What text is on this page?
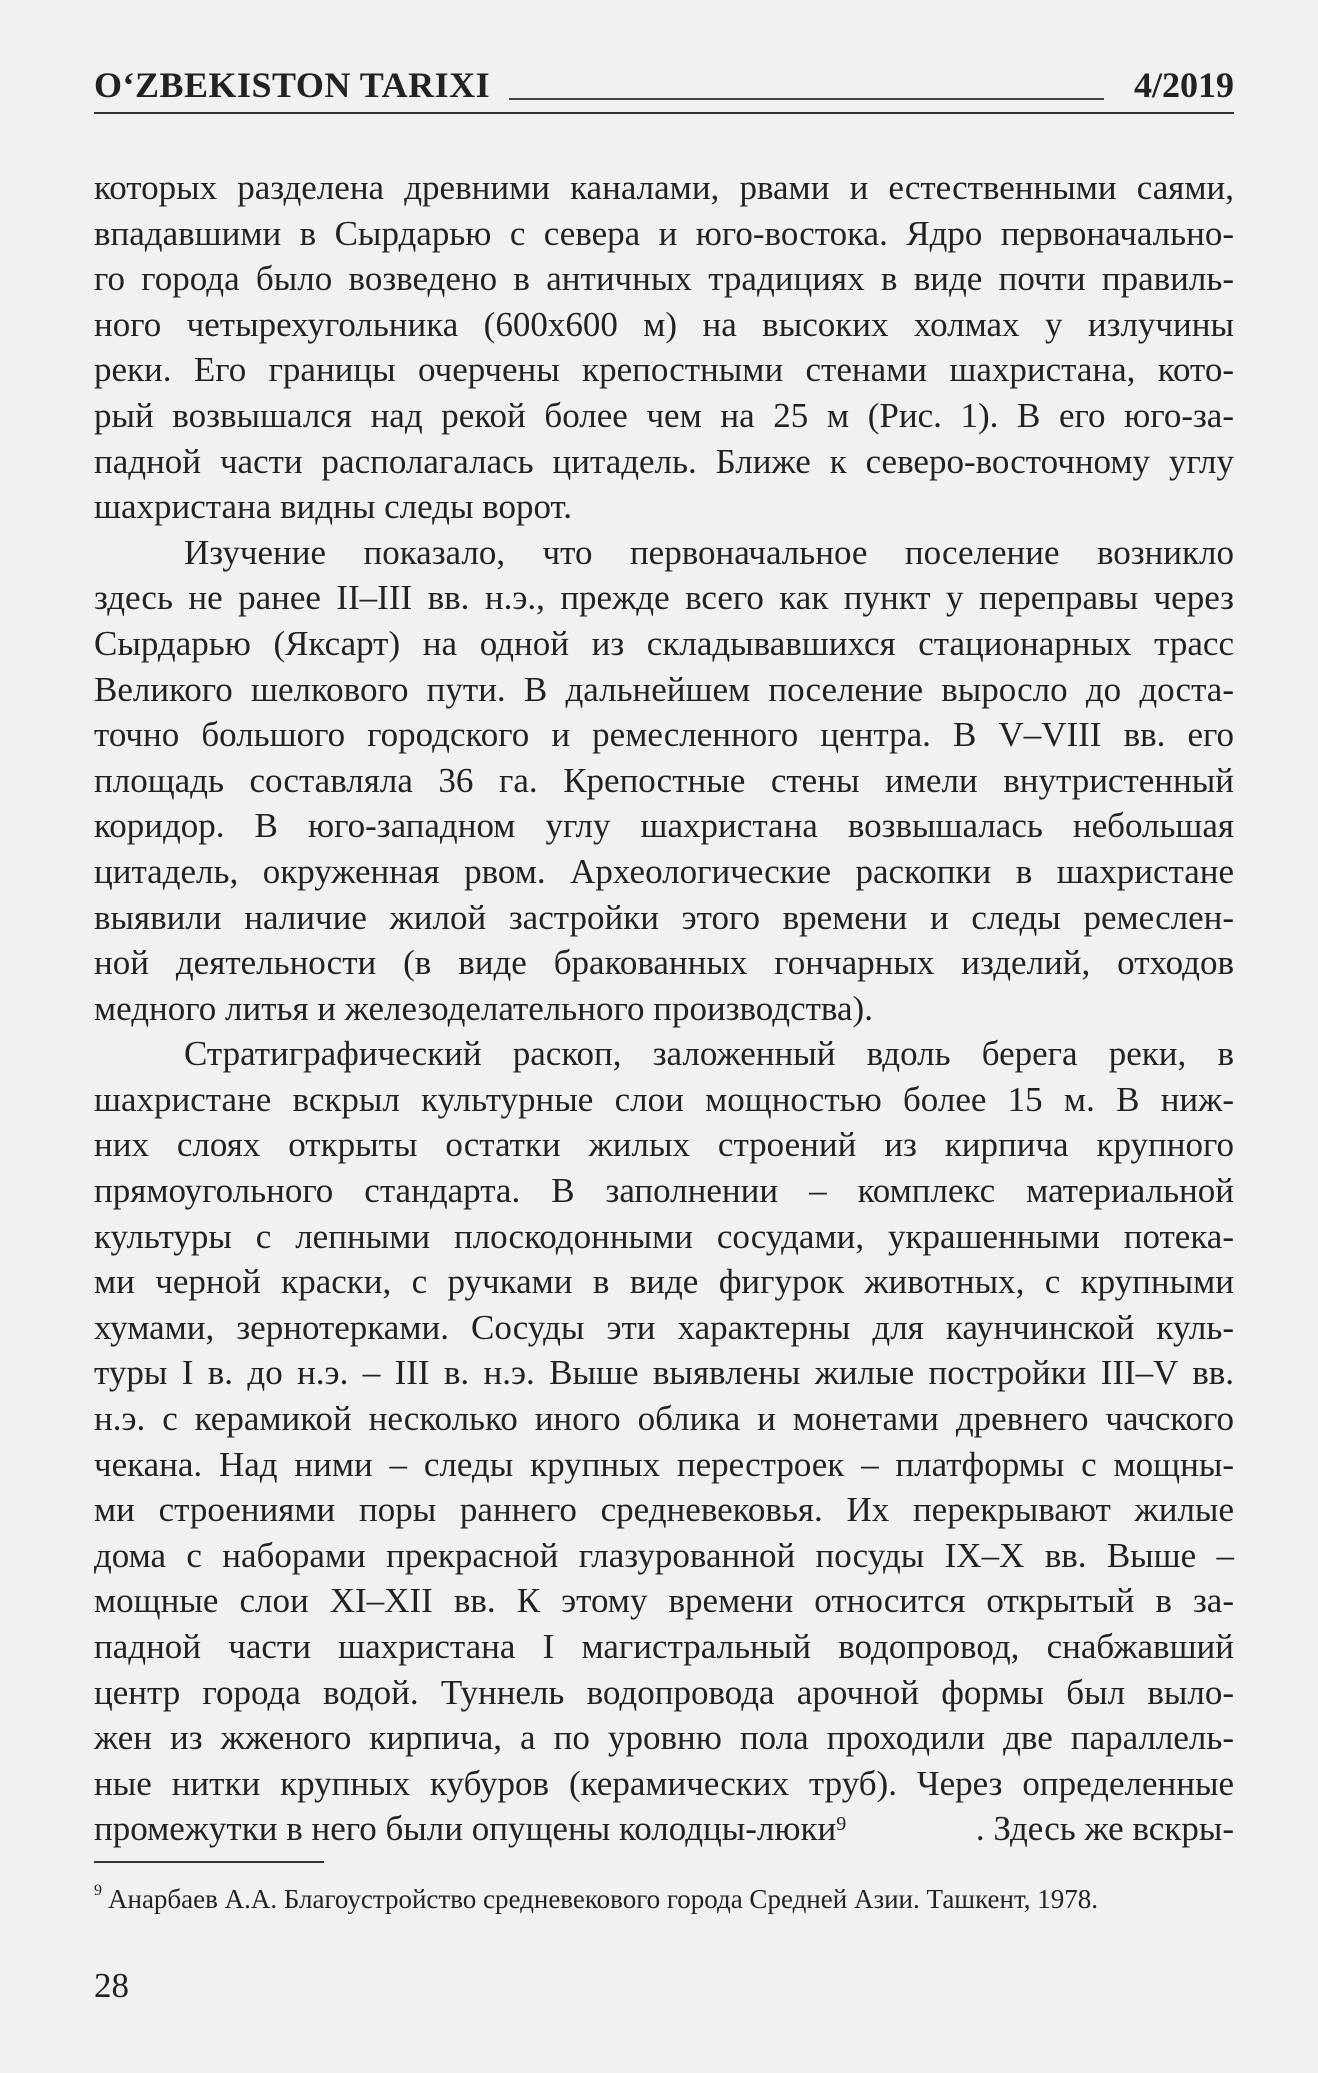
O‘ZBEKISTON TARIXI	4/2019
которых разделена древними каналами, рвами и естественными саями,
впадавшими в Сырдарью с севера и юго-востока. Ядро первоначально-
го города было возведено в античных традициях в виде почти правиль-
ного четырехугольника (600х600 м) на высоких холмах у излучины
реки. Его границы очерчены крепостными стенами шахристана, кото-
рый возвышался над рекой более чем на 25 м (Рис. 1). В его юго-за-
падной части располагалась цитадель. Ближе к северо-восточному углу
шахристана видны следы ворот.
Изучение показало, что первоначальное поселение возникло
здесь не ранее II–III вв. н.э., прежде всего как пункт у переправы через
Сырдарью (Яксарт) на одной из складывавшихся стационарных трасс
Великого шелкового пути. В дальнейшем поселение выросло до доста-
точно большого городского и ремесленного центра. В V–VIII вв. его
площадь составляла 36 га. Крепостные стены имели внутристенный
коридор. В юго-западном углу шахристана возвышалась небольшая
цитадель, окруженная рвом. Археологические раскопки в шахристане
выявили наличие жилой застройки этого времени и следы ремеслен-
ной деятельности (в виде бракованных гончарных изделий, отходов
медного литья и железоделательного производства).
Стратиграфический раскоп, заложенный вдоль берега реки, в
шахристане вскрыл культурные слои мощностью более 15 м. В ниж-
них слоях открыты остатки жилых строений из кирпича крупного
прямоугольного стандарта. В заполнении – комплекс материальной
культуры с лепными плоскодонными сосудами, украшенными потека-
ми черной краски, с ручками в виде фигурок животных, с крупными
хумами, зернотерками. Сосуды эти характерны для каунчинской куль-
туры I в. до н.э. – III в. н.э. Выше выявлены жилые постройки III–V вв.
н.э. с керамикой несколько иного облика и монетами древнего чачского
чекана. Над ними – следы крупных перестроек – платформы с мощны-
ми строениями поры раннего средневековья. Их перекрывают жилые
дома с наборами прекрасной глазурованной посуды IX–X вв. Выше –
мощные слои XI–XII вв. К этому времени относится открытый в за-
падной части шахристана I магистральный водопровод, снабжавший
центр города водой. Туннель водопровода арочной формы был выло-
жен из жженого кирпича, а по уровню пола проходили две параллель-
ные нитки крупных кубуров (керамических труб). Через определенные
промежутки в него были опущены колодцы-люки$^9$	. Здесь же вскры-
$^9$ Анарбаев А.А. Благоустройство средневекового города Средней Азии. Ташкент, 1978.
28
